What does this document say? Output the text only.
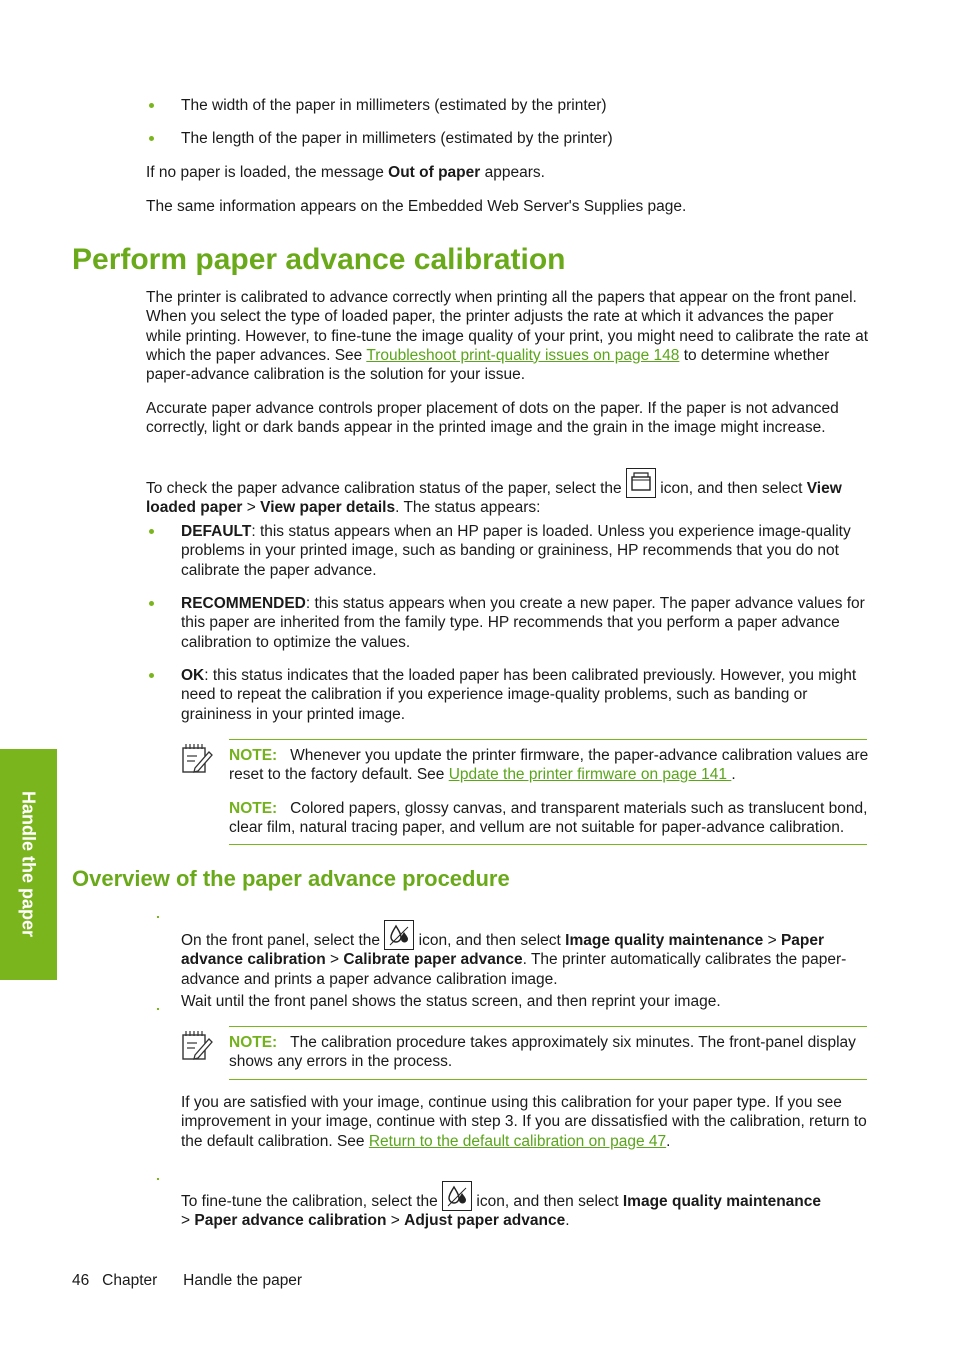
The width of the paper in millimeters (estimated by the printer)

The length of the paper in millimeters (estimated by the printer)

If no paper is loaded, the message Out of paper appears.

The same information appears on the Embedded Web Server's Supplies page.

Perform paper advance calibration

The printer is calibrated to advance correctly when printing all the papers that appear on the front panel. When you select the type of loaded paper, the printer adjusts the rate at which it advances the paper while printing. However, to fine-tune the image quality of your print, you might need to calibrate the rate at which the paper advances. See Troubleshoot print-quality issues on page 148 to determine whether paper-advance calibration is the solution for your issue.

Accurate paper advance controls proper placement of dots on the paper. If the paper is not advanced correctly, light or dark bands appear in the printed image and the grain in the image might increase.

To check the paper advance calibration status of the paper, select the
icon, and then select View loaded paper > View paper details. The status appears:

DEFAULT: this status appears when an HP paper is loaded. Unless you experience image-quality problems in your printed image, such as banding or graininess, HP recommends that you do not calibrate the paper advance.

RECOMMENDED: this status appears when you create a new paper. The paper advance values for this paper are inherited from the family type. HP recommends that you perform a paper advance calibration to optimize the values.

OK: this status indicates that the loaded paper has been calibrated previously. However, you might need to repeat the calibration if you experience image-quality problems, such as banding or graininess in your printed image.

NOTE: Whenever you update the printer firmware, the paper-advance calibration values are reset to the factory default. See Update the printer firmware on page 141 .

NOTE: Colored papers, glossy canvas, and transparent materials such as translucent bond, clear film, natural tracing paper, and vellum are not suitable for paper-advance calibration.

Handle the paper Overview of the paper advance procedure

On the front panel, select the
icon, and then select Image quality maintenance > Paper advance calibration > Calibrate paper advance. The printer automatically calibrates the paper-advance and prints a paper advance calibration image.

Wait until the front panel shows the status screen, and then reprint your image.

NOTE: The calibration procedure takes approximately six minutes. The front-panel display shows any errors in the process.

If you are satisfied with your image, continue using this calibration for your paper type. If you see improvement in your image, continue with step 3. If you are dissatisfied with the calibration, return to the default calibration. See Return to the default calibration on page 47.

To fine-tune the calibration, select the
icon, and then select Image quality maintenance
> Paper advance calibration > Adjust paper advance.

46 Chapter Handle the paper
